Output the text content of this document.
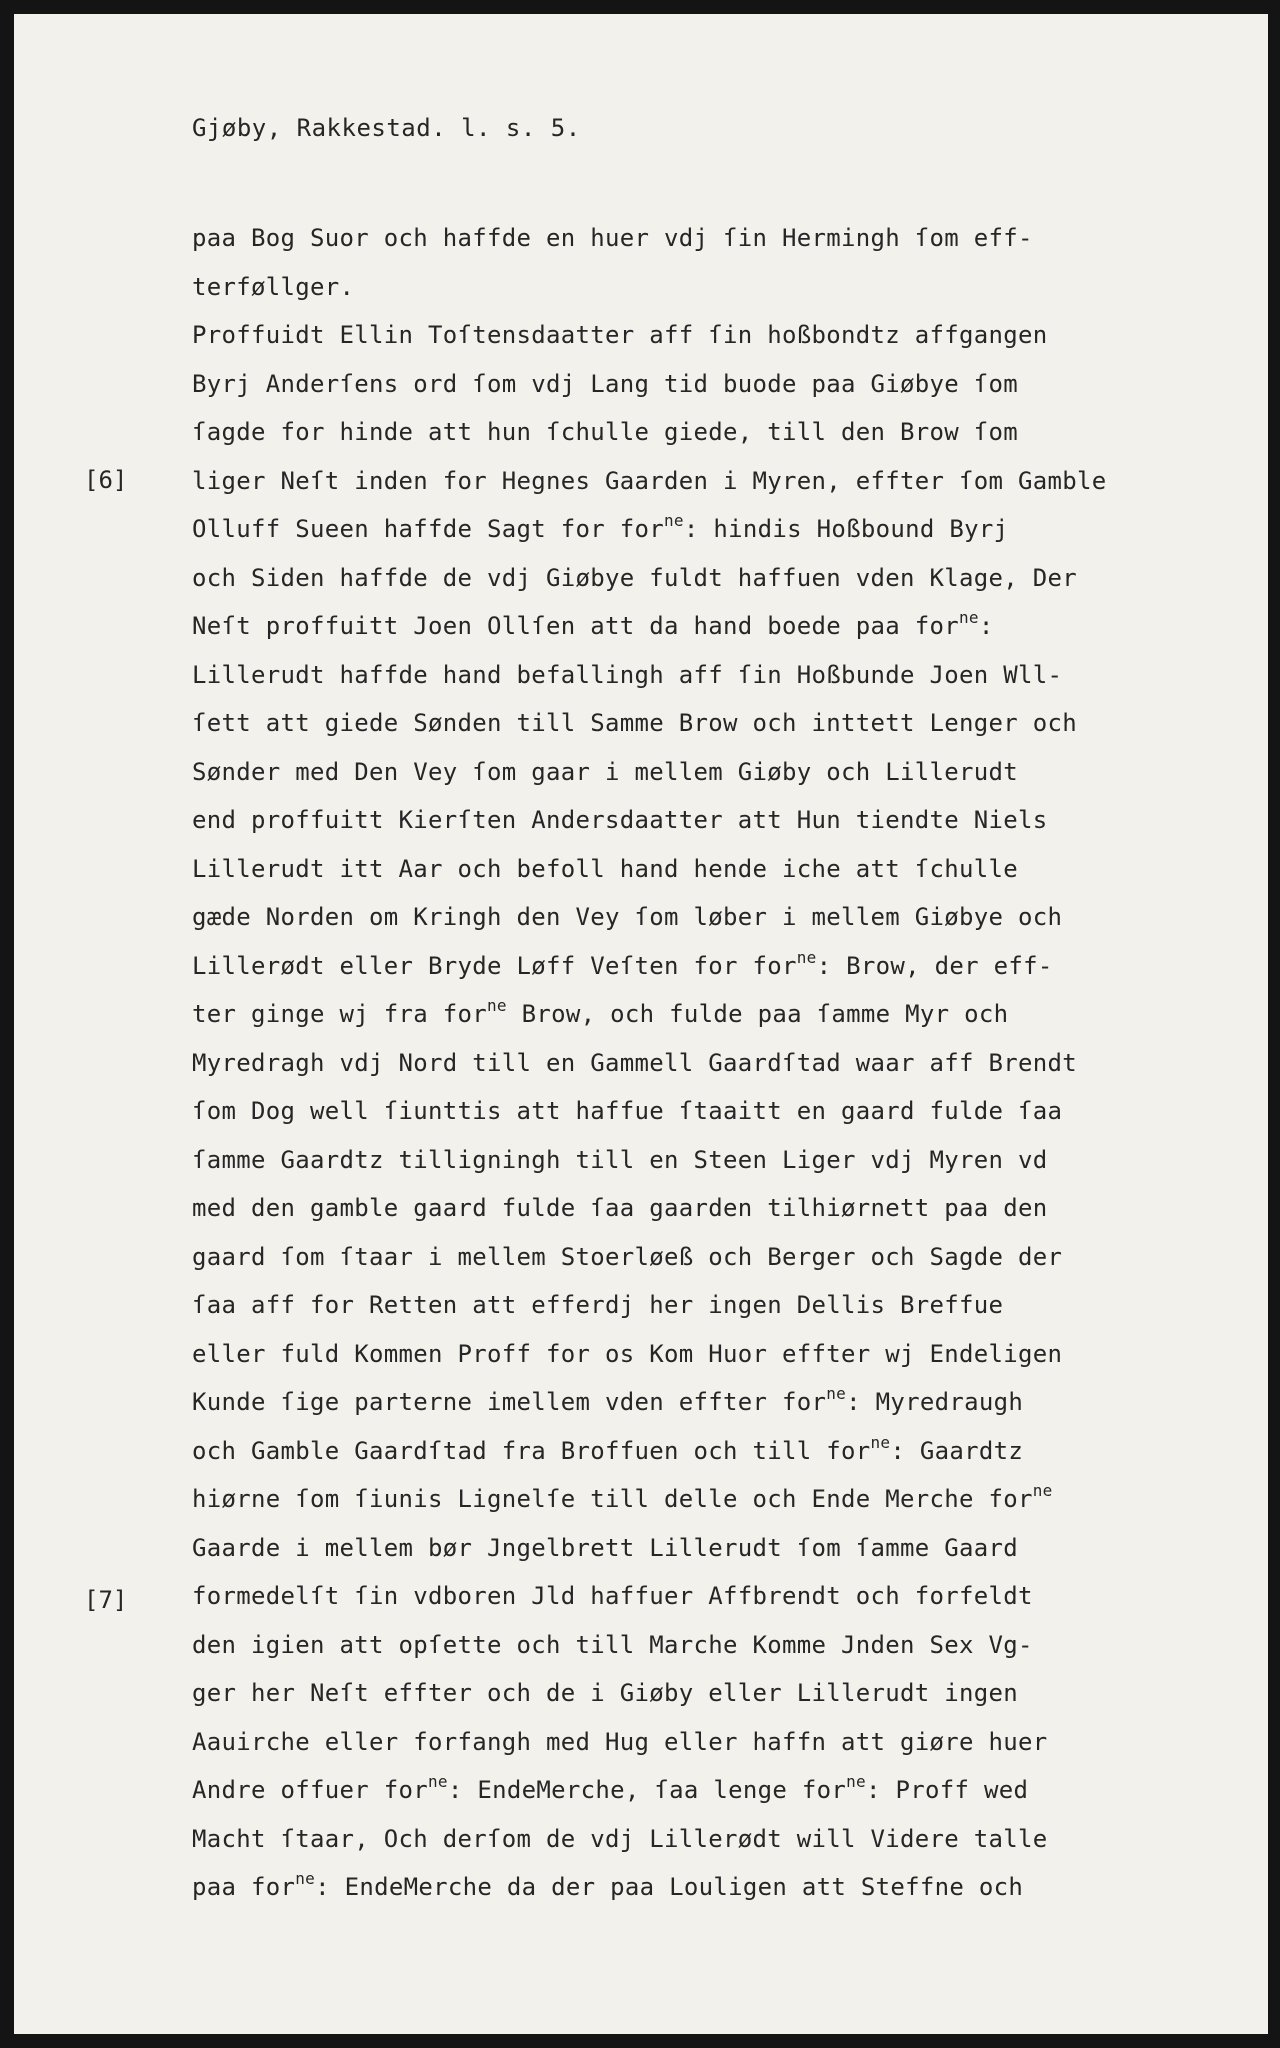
Gjøby, Rakkestad. l. s. 5.
[6]
[7]
paa Bog Suor och haffde en huer vdj ſin Hermingh ſom eff-
terføllger.
Proffuidt Ellin Toſtensdaatter aff ſin hoßbondtz affgangen
Byrj Anderſens ord ſom vdj Lang tid buode paa Giøbye ſom
ſagde for hinde att hun ſchulle giede, till den Brow ſom
liger Neſt inden for Hegnes Gaarden i Myren, effter ſom Gamble
Olluff Sueen haffde Sagt for for$^{ne}$: hindis Hoßbound Byrj
och Siden haffde de vdj Giøbye fuldt haffuen vden Klage, Der
Neſt proffuitt Joen Ollſen att da hand boede paa for$^{ne}$:
Lillerudt haffde hand befallingh aff ſin Hoßbunde Joen Wll-
ſett att giede Sønden till Samme Brow och inttett Lenger och
Sønder med Den Vey ſom gaar i mellem Giøby och Lillerudt
end proffuitt Kierſten Andersdaatter att Hun tiendte Niels
Lillerudt itt Aar och befoll hand hende iche att ſchulle
gæde Norden om Kringh den Vey ſom løber i mellem Giøbye och
Lillerødt eller Bryde Løff Veſten for for$^{ne}$: Brow, der eff-
ter ginge wj fra for$^{ne}$ Brow, och fulde paa ſamme Myr och
Myredragh vdj Nord till en Gammell Gaardſtad waar aff Brendt
ſom Dog well ſiunttis att haffue ſtaaitt en gaard fulde ſaa
ſamme Gaardtz tilligningh till en Steen Liger vdj Myren vd
med den gamble gaard fulde ſaa gaarden tilhiørnett paa den
gaard ſom ſtaar i mellem Stoerløeß och Berger och Sagde der
ſaa aff for Retten att efferdj her ingen Dellis Breffue
eller fuld Kommen Proff for os Kom Huor effter wj Endeligen
Kunde ſige parterne imellem vden effter for$^{ne}$: Myredraugh
och Gamble Gaardſtad fra Broffuen och till for$^{ne}$: Gaardtz
hiørne ſom ſiunis Lignelſe till delle och Ende Merche for$^{ne}$
Gaarde i mellem bør Jngelbrett Lillerudt ſom ſamme Gaard
formedelſt ſin vdboren Jld haffuer Affbrendt och forfeldt
den igien att opſette och till Marche Komme Jnden Sex Vg-
ger her Neſt effter och de i Giøby eller Lillerudt ingen
Aauirche eller forfangh med Hug eller haffn att giøre huer
Andre offuer for$^{ne}$: EndeMerche, ſaa lenge for$^{ne}$: Proff wed
Macht ſtaar, Och derſom de vdj Lillerødt will Videre talle
paa for$^{ne}$: EndeMerche da der paa Louligen att Steffne och
